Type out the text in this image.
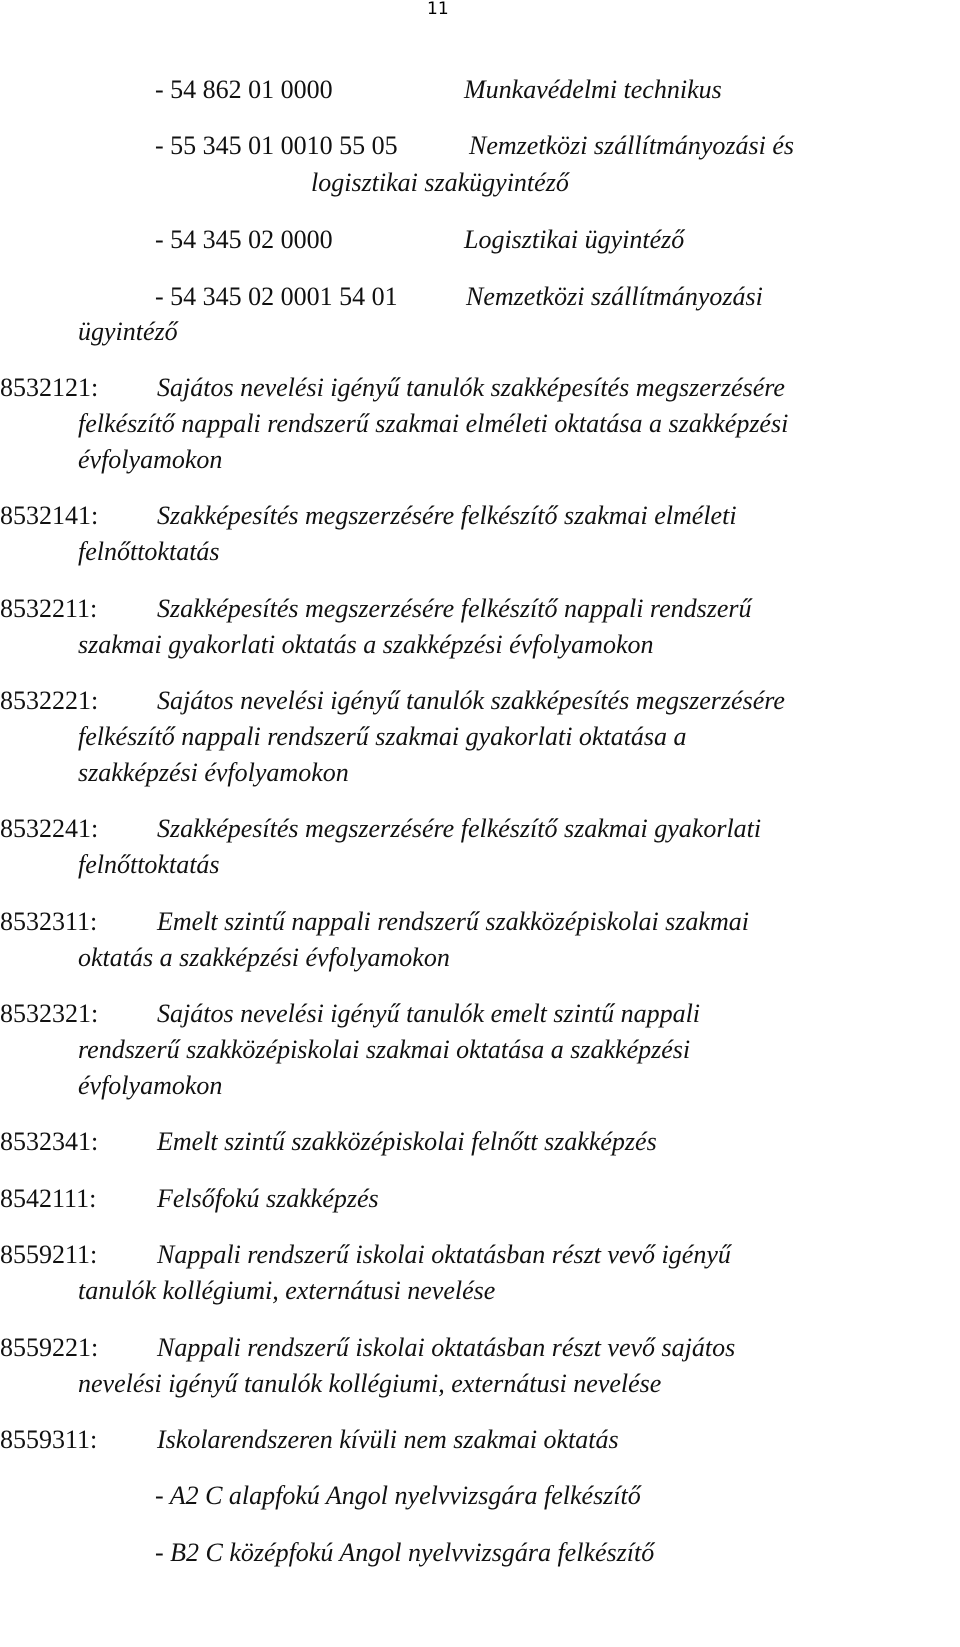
11
- 54 862 01 0000	Munkavédelmi technikus
- 55 345 01 0010 55 05	Nemzetközi szállítmányozási és
logisztikai szakügyintéző
- 54 345 02 0000	Logisztikai ügyintéző
- 54 345 02 0001 54 01	Nemzetközi szállítmányozási
ügyintéző
8532121: Sajátos nevelési igényű tanulók szakképesítés megszerzésére
felkészítő nappali rendszerű szakmai elméleti oktatása a szakképzési
évfolyamokon
8532141: Szakképesítés megszerzésére felkészítő szakmai elméleti
felnőttoktatás
8532211: Szakképesítés megszerzésére felkészítő nappali rendszerű
szakmai gyakorlati oktatás a szakképzési évfolyamokon
8532221: Sajátos nevelési igényű tanulók szakképesítés megszerzésére
felkészítő nappali rendszerű szakmai gyakorlati oktatása a
szakképzési évfolyamokon
8532241: Szakképesítés megszerzésére felkészítő szakmai gyakorlati
felnőttoktatás
8532311: Emelt szintű nappali rendszerű szakközépiskolai szakmai
oktatás a szakképzési évfolyamokon
8532321: Sajátos nevelési igényű tanulók emelt szintű nappali
rendszerű szakközépiskolai szakmai oktatása a szakképzési
évfolyamokon
8532341: Emelt szintű szakközépiskolai felnőtt szakképzés
8542111: Felsőfokú szakképzés
8559211: Nappali rendszerű iskolai oktatásban részt vevő igényű
tanulók kollégiumi, externátusi nevelése
8559221: Nappali rendszerű iskolai oktatásban részt vevő sajátos
nevelési igényű tanulók kollégiumi, externátusi nevelése
8559311: Iskolarendszeren kívüli nem szakmai oktatás
- A2 C alapfokú Angol nyelvvizsgára felkészítő
- B2 C középfokú Angol nyelvvizsgára felkészítő
